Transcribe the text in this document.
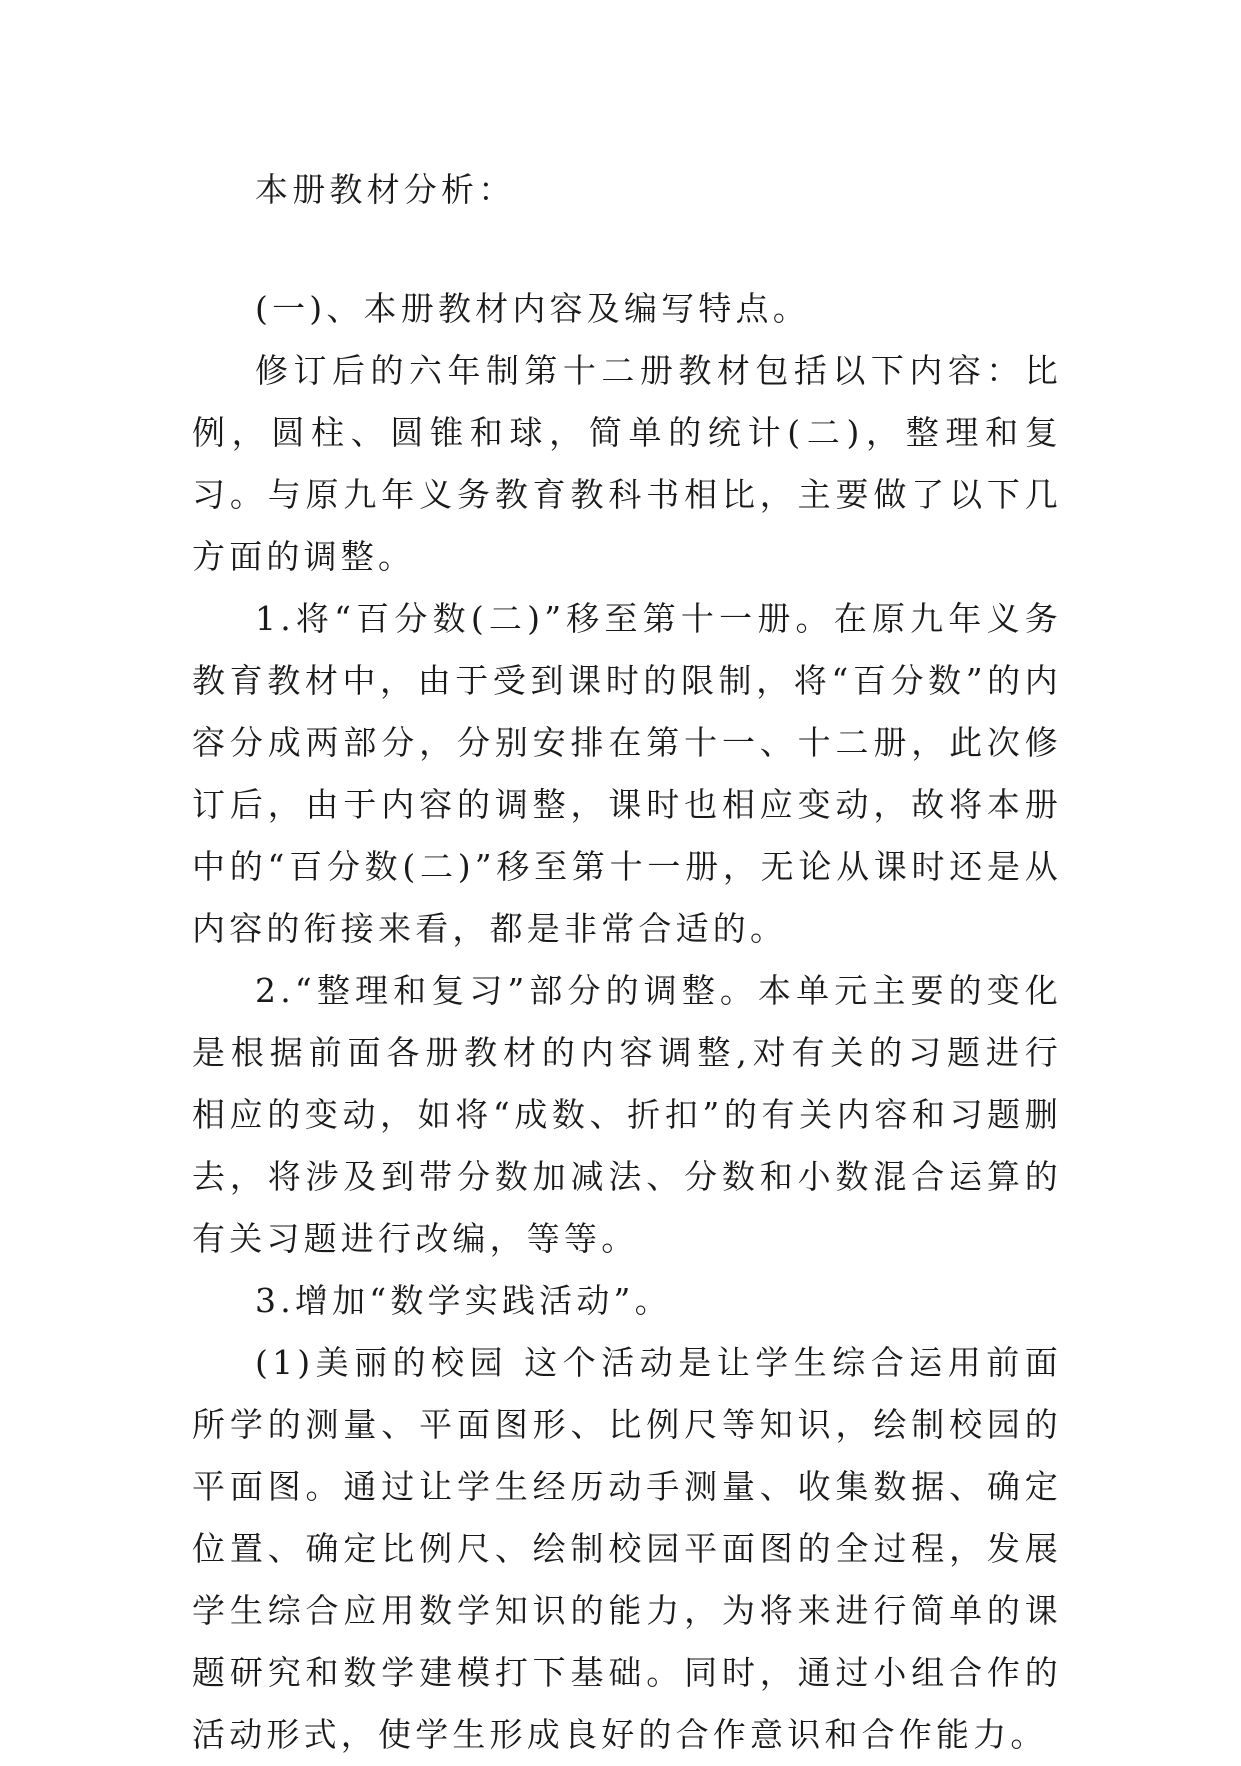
本册教材分析：
(一)、本册教材内容及编写特点。

修订后的六年制第十二册教材包括以下内容：比例，圆柱、圆锥和球，简单的统计(二)，整理和复习。与原九年义务教育教科书相比，主要做了以下几方面的调整。

1.将“百分数(二)”移至第十一册。在原九年义务教育教材中，由于受到课时的限制，将“百分数”的内容分成两部分，分别安排在第十一、十二册，此次修订后，由于内容的调整，课时也相应变动，故将本册中的“百分数(二)”移至第十一册，无论从课时还是从内容的衔接来看，都是非常合适的。

2.“整理和复习”部分的调整。本单元主要的变化是根据前面各册教材的内容调整,对有关的习题进行相应的变动，如将“成数、折扣”的有关内容和习题删去，将涉及到带分数加减法、分数和小数混合运算的有关习题进行改编，等等。

3.增加“数学实践活动”。

(1)美丽的校园 这个活动是让学生综合运用前面所学的测量、平面图形、比例尺等知识，绘制校园的平面图。通过让学生经历动手测量、收集数据、确定位置、确定比例尺、绘制校园平面图的全过程，发展学生综合应用数学知识的能力，为将来进行简单的课题研究和数学建模打下基础。同时，通过小组合作的活动形式，使学生形成良好的合作意识和合作能力。
